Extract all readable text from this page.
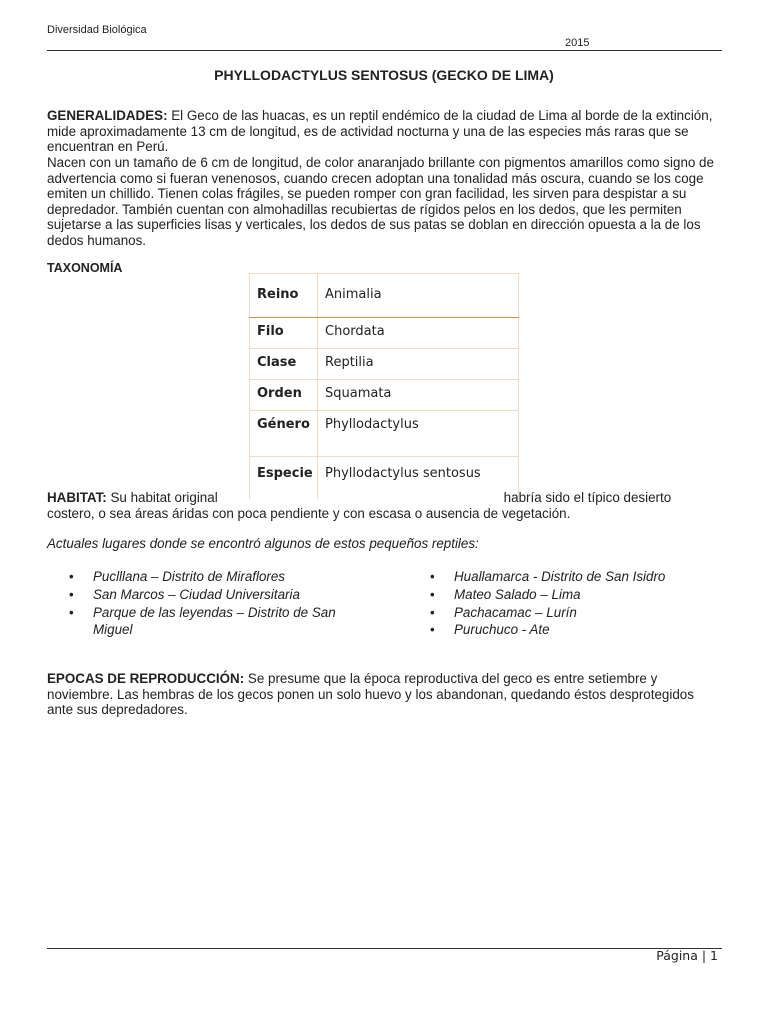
Diversidad Biológica
2015
PHYLLODACTYLUS SENTOSUS (GECKO DE LIMA)
GENERALIDADES: El Geco de las huacas, es un reptil endémico de la ciudad de Lima al borde de la extinción, mide aproximadamente 13 cm de longitud, es de actividad nocturna y una de las especies más raras que se encuentran en Perú.
Nacen con un tamaño de 6 cm de longitud, de color anaranjado brillante con pigmentos amarillos como signo de advertencia como si fueran venenosos, cuando crecen adoptan una tonalidad más oscura, cuando se los coge emiten un chillido. Tienen colas frágiles, se pueden romper con gran facilidad, les sirven para despistar a su depredador. También cuentan con almohadillas recubiertas de rígidos pelos en los dedos, que les permiten sujetarse a las superficies lisas y verticales, los dedos de sus patas se doblan en dirección opuesta a la de los dedos humanos.
TAXONOMÍA
Reino	Animalia
Filo	Chordata
Clase	Reptilia
Orden	Squamata
Género	Phyllodactylus
Especie	Phyllodactylus sentosus
HABITAT: Su habitat original	habría sido el típico desierto costero, o sea áreas áridas con poca pendiente y con escasa o ausencia de vegetación.
Actuales lugares donde se encontró algunos de estos pequeños reptiles:
• Puclllana – Distrito de Miraflores
• San Marcos – Ciudad Universitaria
• Parque de las leyendas – Distrito de San Miguel
• Huallamarca - Distrito de San Isidro
• Mateo Salado – Lima
• Pachacamac – Lurín
• Puruchuco - Ate
EPOCAS DE REPRODUCCIÓN: Se presume que la época reproductiva del geco es entre setiembre y noviembre. Las hembras de los gecos ponen un solo huevo y los abandonan, quedando éstos desprotegidos ante sus depredadores.
Página | 1
